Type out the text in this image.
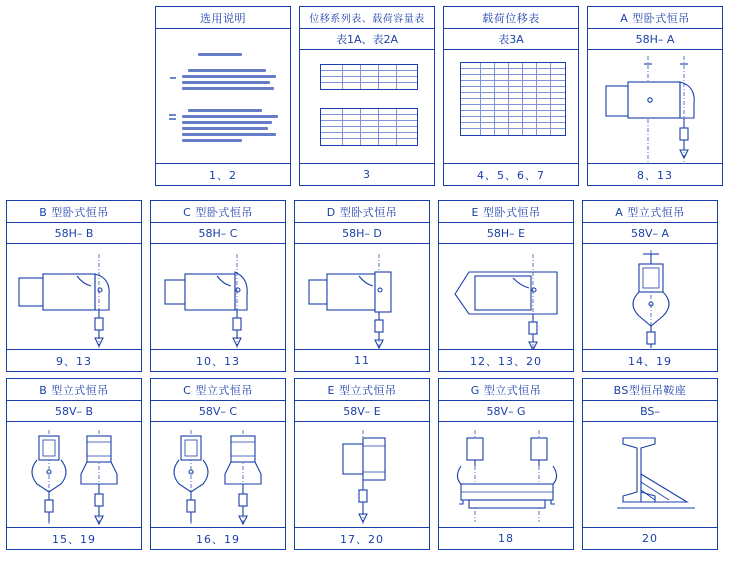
选用说明
1、2
位移系列表、载荷容量表
表1A、表2A
3
载荷位移表
表3A
4、5、6、7
A 型卧式恒吊
58H– A
8、13
B 型卧式恒吊
58H– B
9、13
C 型卧式恒吊
58H– C
10、13
D 型卧式恒吊
58H– D
11
E 型卧式恒吊
58H– E
12、13、20
A 型立式恒吊
58V– A
14、19
B 型立式恒吊
58V– B
15、19
C 型立式恒吊
58V– C
16、19
E 型立式恒吊
58V– E
17、20
G 型立式恒吊
58V– G
18
BS型恒吊鞍座
BS–
20
